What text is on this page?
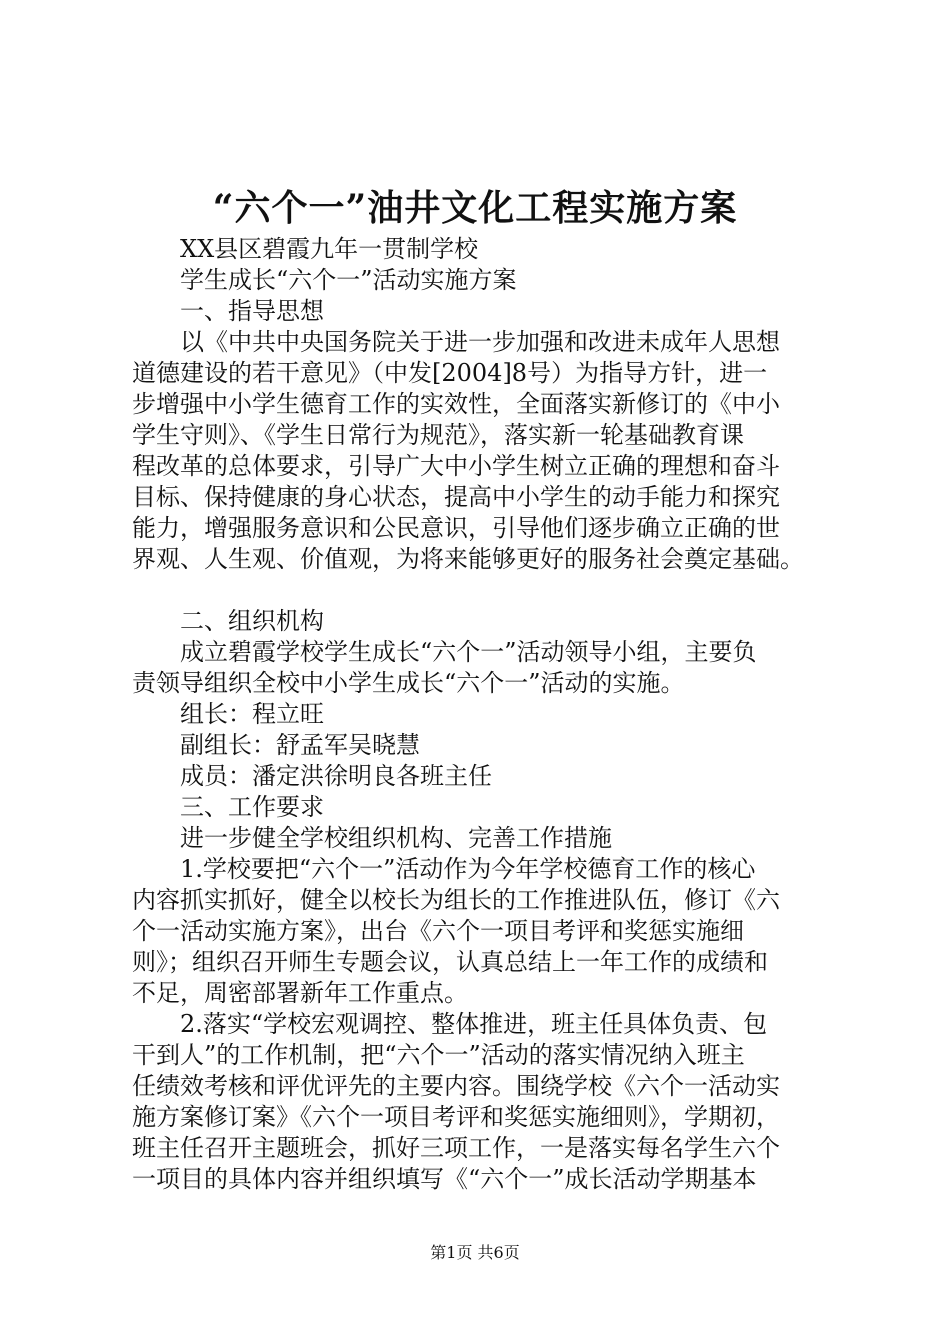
“六个一”油井文化工程实施方案
XX县区碧霞九年一贯制学校
学生成长“六个一”活动实施方案
一、指导思想
以《中共中央国务院关于进一步加强和改进未成年人思想
道德建设的若干意见》（中发[2004]8号）为指导方针，进一
步增强中小学生德育工作的实效性，全面落实新修订的《中小
学生守则》、《学生日常行为规范》，落实新一轮基础教育课
程改革的总体要求，引导广大中小学生树立正确的理想和奋斗
目标、保持健康的身心状态，提高中小学生的动手能力和探究
能力，增强服务意识和公民意识，引导他们逐步确立正确的世
界观、人生观、价值观，为将来能够更好的服务社会奠定基础。
二、组织机构
成立碧霞学校学生成长“六个一”活动领导小组，主要负
责领导组织全校中小学生成长“六个一”活动的实施。
组长：程立旺
副组长：舒孟军吴晓慧
成员：潘定洪徐明良各班主任
三、工作要求
进一步健全学校组织机构、完善工作措施
1.学校要把“六个一”活动作为今年学校德育工作的核心
内容抓实抓好，健全以校长为组长的工作推进队伍，修订《六
个一活动实施方案》，出台《六个一项目考评和奖惩实施细
则》；组织召开师生专题会议，认真总结上一年工作的成绩和
不足，周密部署新年工作重点。
2.落实“学校宏观调控、整体推进，班主任具体负责、包
干到人”的工作机制，把“六个一”活动的落实情况纳入班主
任绩效考核和评优评先的主要内容。围绕学校《六个一活动实
施方案修订案》《六个一项目考评和奖惩实施细则》，学期初，
班主任召开主题班会，抓好三项工作，一是落实每名学生六个
一项目的具体内容并组织填写《“六个一”成长活动学期基本
第1页 共6页
